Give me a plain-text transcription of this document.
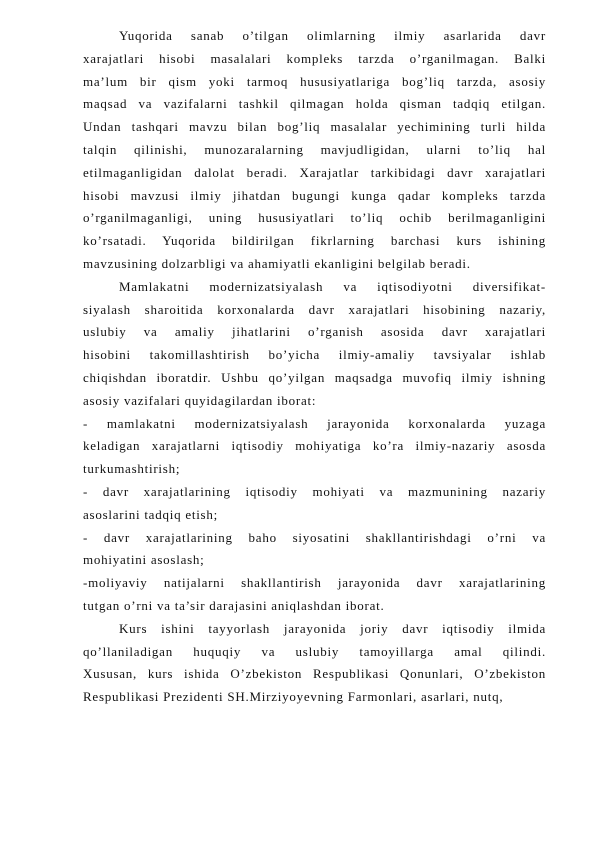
Yuqorida sanab o’tilgan olimlarning ilmiy asarlarida davr
xarajatlari hisobi masalalari kompleks tarzda o’rganilmagan. Balki
ma’lum bir qism yoki tarmoq hususiyatlariga bog’liq tarzda, asosiy
maqsad va vazifalarni tashkil qilmagan holda qisman tadqiq etilgan.
Undan tashqari mavzu bilan bog’liq masalalar yechimining turli hilda
talqin qilinishi, munozaralarning mavjudligidan, ularni to’liq hal
etilmaganligidan dalolat beradi. Xarajatlar tarkibidagi davr xarajatlari
hisobi mavzusi ilmiy jihatdan bugungi kunga qadar kompleks tarzda
o’rganilmaganligi, uning hususiyatlari to’liq ochib berilmaganligini
ko’rsatadi. Yuqorida bildirilgan fikrlarning barchasi kurs ishining
mavzusining dolzarbligi va ahamiyatli ekanligini belgilab beradi.
Mamlakatni modernizatsiyalash va iqtisodiyotni diversifikat-
siyalash sharoitida korxonalarda davr xarajatlari hisobining nazariy,
uslubiy va amaliy jihatlarini o’rganish asosida davr xarajatlari
hisobini takomillashtirish bo’yicha ilmiy-amaliy tavsiyalar ishlab
chiqishdan iboratdir. Ushbu qo’yilgan maqsadga muvofiq ilmiy ishning
asosiy vazifalari quyidagilardan iborat:
- mamlakatni modernizatsiyalash jarayonida korxonalarda yuzaga
keladigan xarajatlarni iqtisodiy mohiyatiga ko’ra ilmiy-nazariy asosda
turkumashtirish;
- davr xarajatlarining iqtisodiy mohiyati va mazmunining nazariy
asoslarini tadqiq etish;
- davr xarajatlarining baho siyosatini shakllantirishdagi o’rni va
mohiyatini asoslash;
-moliyaviy natijalarni shakllantirish jarayonida davr xarajatlarining
tutgan o’rni va ta’sir darajasini aniqlashdan iborat.
Kurs ishini tayyorlash jarayonida joriy davr iqtisodiy ilmida
qo’llaniladigan huquqiy va uslubiy tamoyillarga amal qilindi.
Xususan, kurs ishida O’zbekiston Respublikasi Qonunlari, O’zbekiston
Respublikasi Prezidenti SH.Mirziyoyevning Farmonlari, asarlari, nutq,
